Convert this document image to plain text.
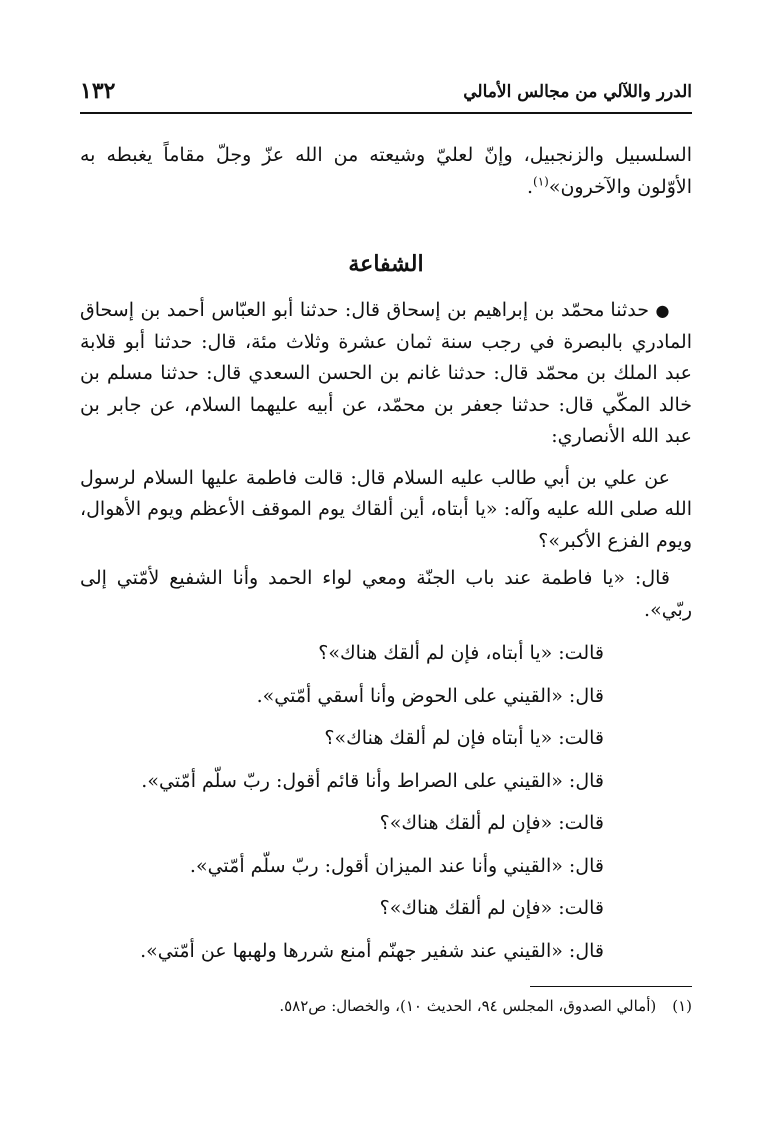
١٣٢	الدرر واللآلي من مجالس الأمالي

السلسبيل والزنجبيل، وإنّ لعليّ وشيعته من الله عزّ وجلّ مقاماً يغبطه به الأوّلون والآخرون»$^{(١)}$.

الشفاعة

● حدثنا محمّد بن إبراهيم بن إسحاق قال: حدثنا أبو العبّاس أحمد بن إسحاق المادري بالبصرة في رجب سنة ثمان عشرة وثلاث مئة، قال: حدثنا أبو قلابة عبد الملك بن محمّد قال: حدثنا غانم بن الحسن السعدي قال: حدثنا مسلم بن خالد المكّي قال: حدثنا جعفر بن محمّد، عن أبيه عليهما السلام، عن جابر بن عبد الله الأنصاري:

عن علي بن أبي طالب عليه السلام قال: قالت فاطمة عليها السلام لرسول الله صلى الله عليه وآله: «يا أبتاه، أين ألقاك يوم الموقف الأعظم ويوم الأهوال، ويوم الفزع الأكبر»؟

قال: «يا فاطمة عند باب الجنّة ومعي لواء الحمد وأنا الشفيع لأمّتي إلى ربّي».

قالت: «يا أبتاه، فإن لم ألقك هناك»؟

قال: «القيني على الحوض وأنا أسقي أمّتي».

قالت: «يا أبتاه فإن لم ألقك هناك»؟

قال: «القيني على الصراط وأنا قائم أقول: ربّ سلّم أمّتي».

قالت: «فإن لم ألقك هناك»؟

قال: «القيني وأنا عند الميزان أقول: ربّ سلّم أمّتي».

قالت: «فإن لم ألقك هناك»؟

قال: «القيني عند شفير جهنّم أمنع شررها ولهبها عن أمّتي».

(١)(أمالي الصدوق، المجلس ٩٤، الحديث ١٠)، والخصال: ص٥٨٢.
